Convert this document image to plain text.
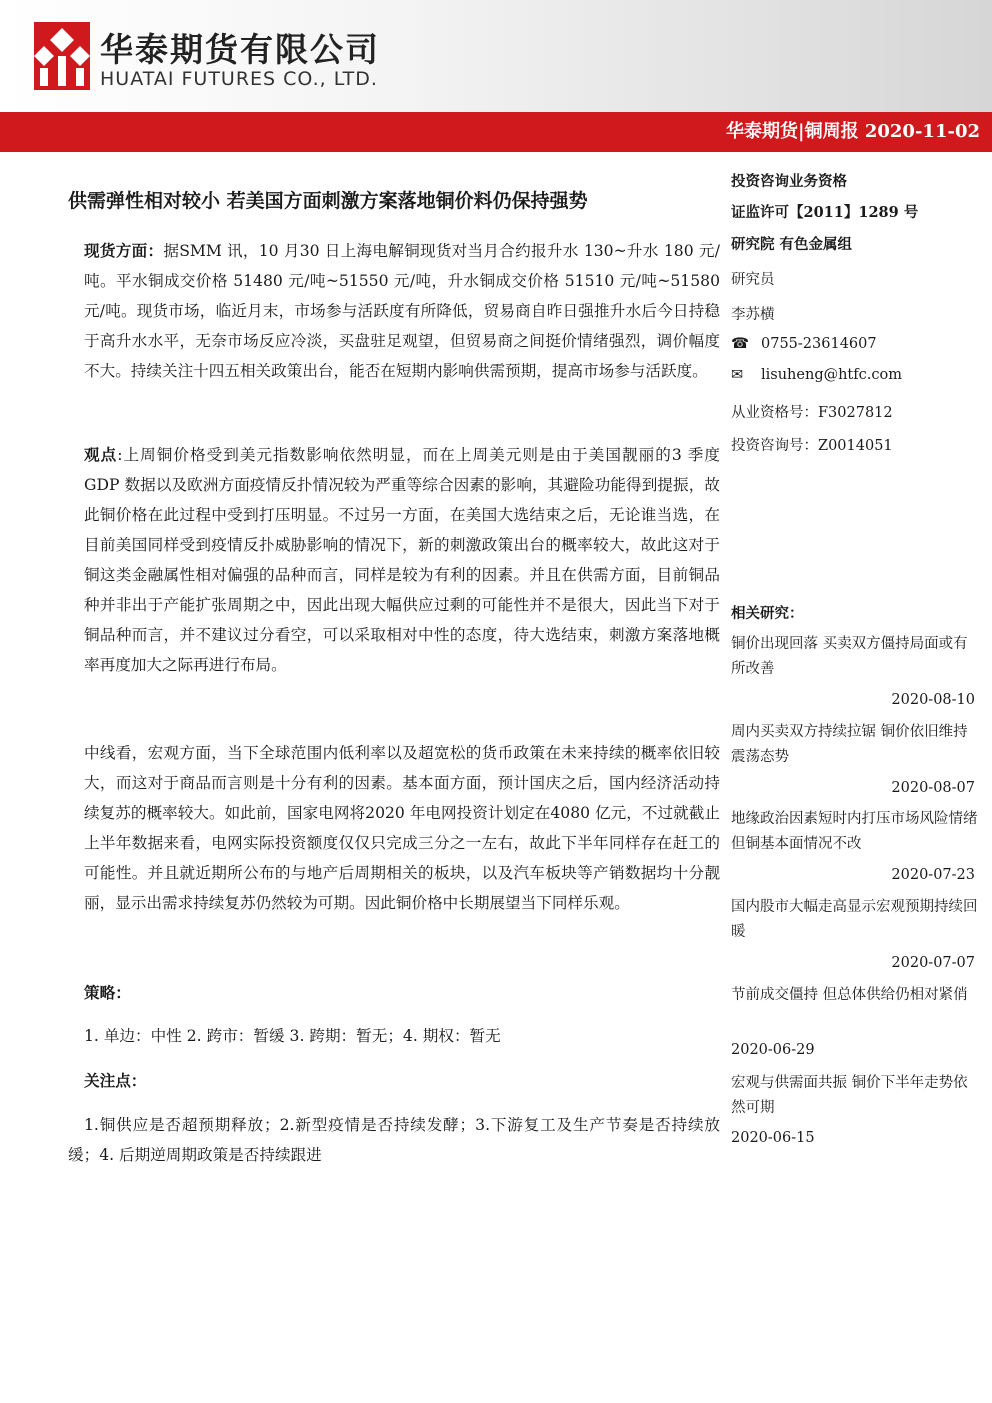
华泰期货有限公司
HUATAI FUTURES CO., LTD.
华泰期货|铜周报 2020-11-02
供需弹性相对较小 若美国方面刺激方案落地铜价料仍保持强势

现货方面：据SMM 讯，10 月30 日上海电解铜现货对当月合约报升水 130~升水 180 元/吨。平水铜成交价格 51480 元/吨~51550 元/吨，升水铜成交价格 51510 元/吨~51580 元/吨。现货市场，临近月末，市场参与活跃度有所降低，贸易商自昨日强推升水后今日持稳于高升水水平，无奈市场反应冷淡，买盘驻足观望，但贸易商之间挺价情绪强烈，调价幅度不大。持续关注十四五相关政策出台，能否在短期内影响供需预期，提高市场参与活跃度。

观点:上周铜价格受到美元指数影响依然明显，而在上周美元则是由于美国靓丽的3 季度 GDP 数据以及欧洲方面疫情反扑情况较为严重等综合因素的影响，其避险功能得到提振，故此铜价格在此过程中受到打压明显。不过另一方面，在美国大选结束之后，无论谁当选，在目前美国同样受到疫情反扑威胁影响的情况下，新的刺激政策出台的概率较大，故此这对于铜这类金融属性相对偏强的品种而言，同样是较为有利的因素。并且在供需方面，目前铜品种并非出于产能扩张周期之中，因此出现大幅供应过剩的可能性并不是很大，因此当下对于铜品种而言，并不建议过分看空，可以采取相对中性的态度，待大选结束，刺激方案落地概率再度加大之际再进行布局。

中线看，宏观方面，当下全球范围内低利率以及超宽松的货币政策在未来持续的概率依旧较大，而这对于商品而言则是十分有利的因素。基本面方面，预计国庆之后，国内经济活动持续复苏的概率较大。如此前，国家电网将2020 年电网投资计划定在4080 亿元，不过就截止上半年数据来看，电网实际投资额度仅仅只完成三分之一左右，故此下半年同样存在赶工的可能性。并且就近期所公布的与地产后周期相关的板块，以及汽车板块等产销数据均十分靓丽，显示出需求持续复苏仍然较为可期。因此铜价格中长期展望当下同样乐观。

策略：

1. 单边：中性 2. 跨市：暂缓 3. 跨期：暂无；4. 期权：暂无

关注点：

1.铜供应是否超预期释放；2.新型疫情是否持续发酵；3.下游复工及生产节奏是否持续放缓；4. 后期逆周期政策是否持续跟进

投资咨询业务资格
证监许可【2011】1289 号
研究院 有色金属组
研究员
李苏横
☎ 0755-23614607
✉ lisuheng@htfc.com
从业资格号：F3027812
投资咨询号：Z0014051
相关研究：
铜价出现回落 买卖双方僵持局面或有所改善
2020-08-10
周内买卖双方持续拉锯 铜价依旧维持震荡态势
2020-08-07
地缘政治因素短时内打压市场风险情绪 但铜基本面情况不改
2020-07-23
国内股市大幅走高显示宏观预期持续回暖
2020-07-07
节前成交僵持 但总体供给仍相对紧俏
2020-06-29
宏观与供需面共振 铜价下半年走势依然可期
2020-06-15
